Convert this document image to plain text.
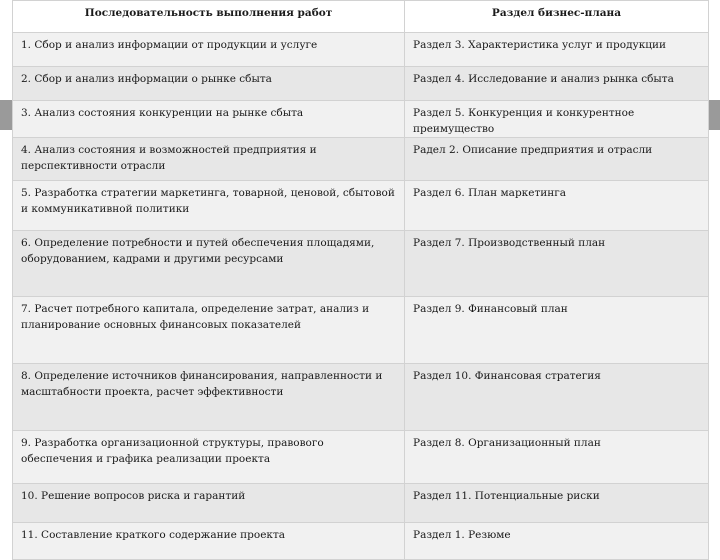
Последовательность выполнения работ	Раздел бизнес-плана
1. Сбор и анализ информации от продукции и услуге	Раздел 3. Характеристика услуг и продукции
2. Сбор и анализ информации о рынке сбыта	Раздел 4. Исследование и анализ рынка сбыта
3. Анализ состояния конкуренции на рынке сбыта	Раздел 5. Конкуренция и конкурентное преимущество
4. Анализ состояния и возможностей предприятия и перспективности отрасли	Радел 2. Описание предприятия и отрасли
5. Разработка стратегии маркетинга, товарной, ценовой, сбытовой и коммуникативной политики	Раздел 6. План маркетинга
6. Определение потребности и путей обеспечения площадями, оборудованием, кадрами и другими ресурсами	Раздел 7. Производственный план
7. Расчет потребного капитала, определение затрат, анализ и планирование основных финансовых показателей	Раздел 9. Финансовый план
8. Определение источников финансирования, направленности и масштабности проекта, расчет эффективности	Раздел 10. Финансовая стратегия
9. Разработка организационной структуры, правового обеспечения и графика реализации проекта	Раздел 8. Организационный план
10. Решение вопросов риска и гарантий	Раздел 11. Потенциальные риски
11. Составление краткого содержание проекта	Раздел 1. Резюме
